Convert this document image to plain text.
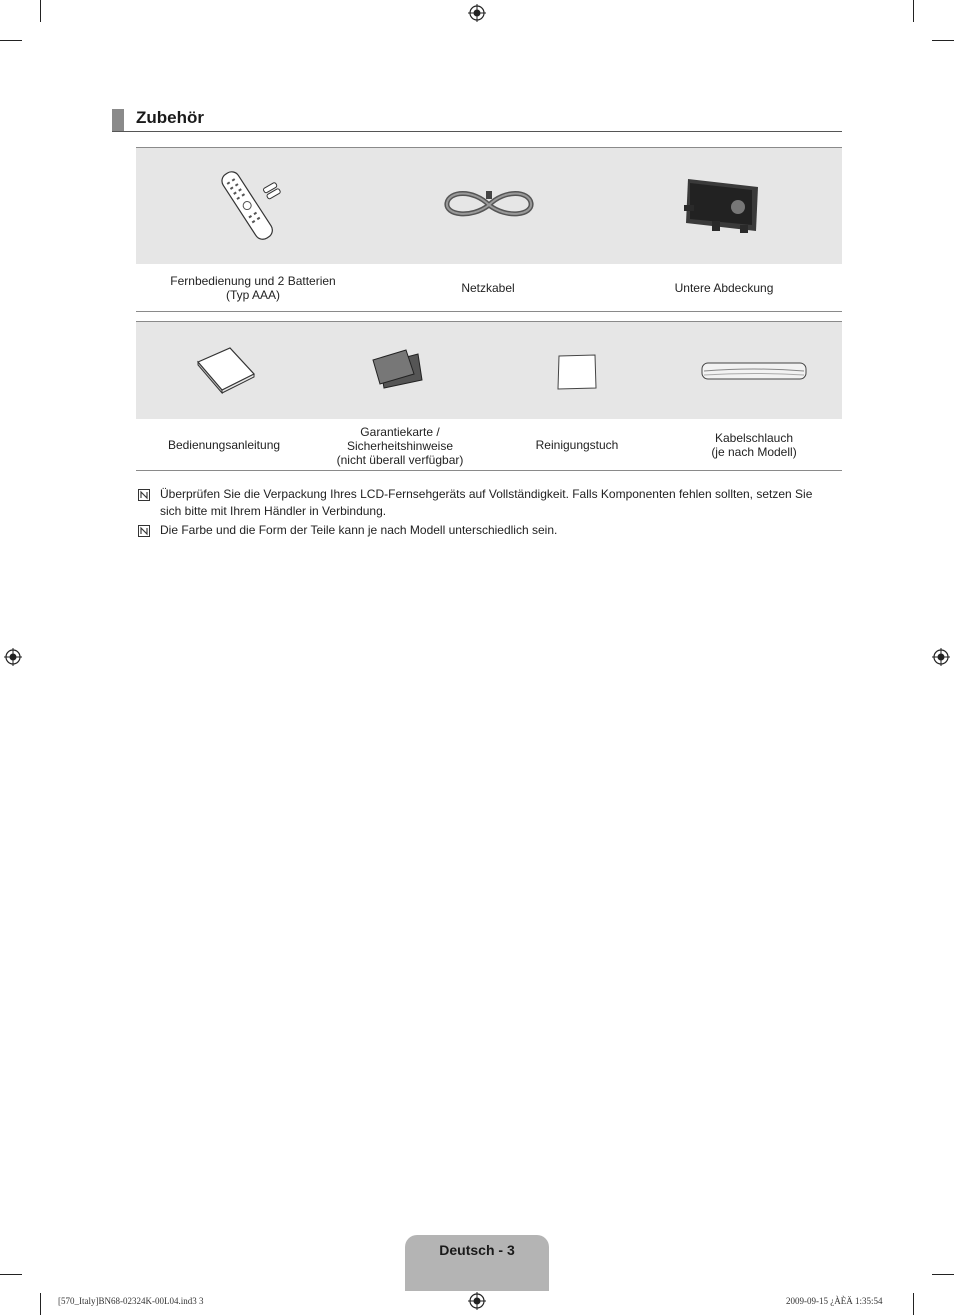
Zubehör
Fernbedienung und 2 Batterien
(Typ AAA)	Netzkabel	Untere Abdeckung
Bedienungsanleitung
Garantiekarte /
Sicherheitshinweise
(nicht überall verfügbar)
Reinigungstuch	Kabelschlauch
(je nach Modell)
Überprüfen Sie die Verpackung Ihres LCD-Fernsehgeräts auf Vollständigkeit. Falls Komponenten fehlen sollten, setzen Sie
sich bitte mit Ihrem Händler in Verbindung.
Die Farbe und die Form der Teile kann je nach Modell unterschiedlich sein.
Deutsch - 3
[570_Italy]BN68-02324K-00L04.ind3 3	2009-09-15 ¿ÀÈÄ 1:35:54
